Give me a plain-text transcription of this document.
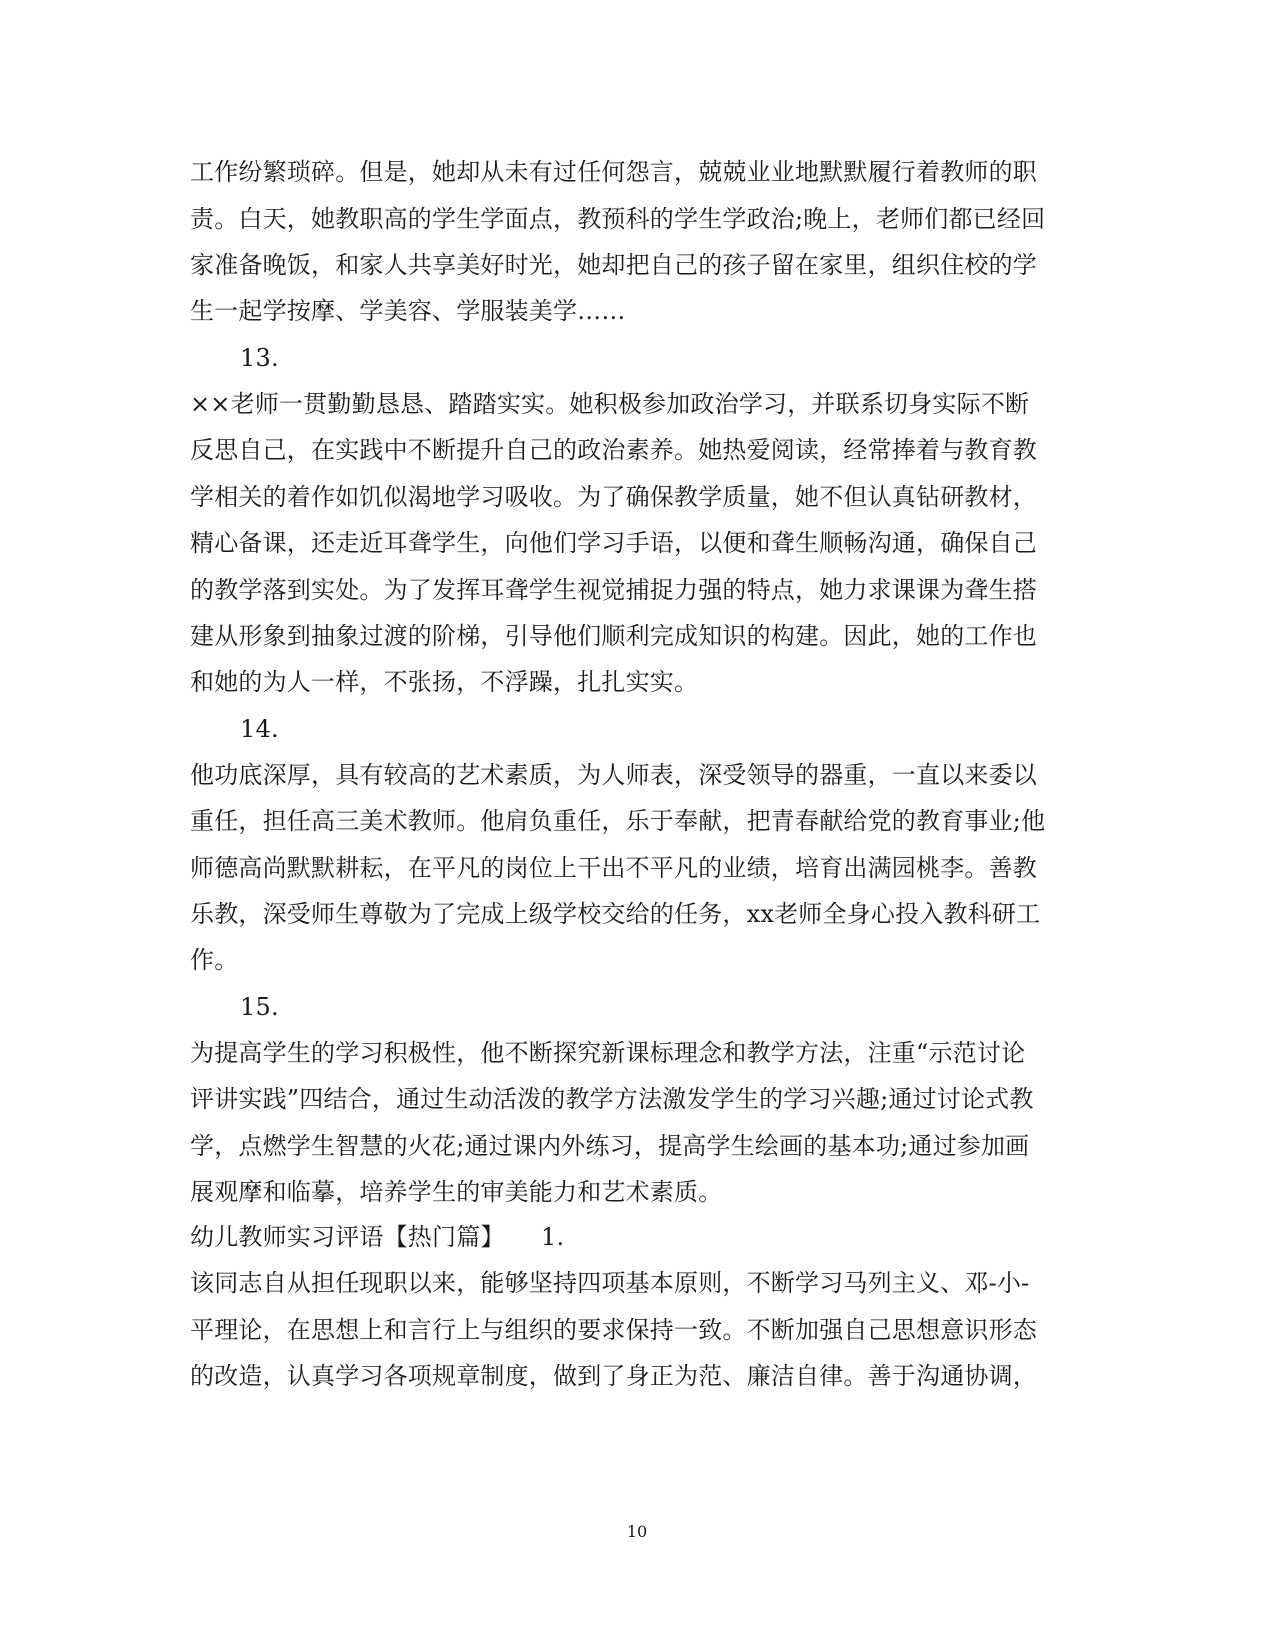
工作纷繁琐碎。但是，她却从未有过任何怨言，兢兢业业地默默履行着教师的职
责。白天，她教职高的学生学面点，教预科的学生学政治;晚上，老师们都已经回
家准备晚饭，和家人共享美好时光，她却把自己的孩子留在家里，组织住校的学
生一起学按摩、学美容、学服装美学……
13.
××老师一贯勤勤恳恳、踏踏实实。她积极参加政治学习，并联系切身实际不断
反思自己，在实践中不断提升自己的政治素养。她热爱阅读，经常捧着与教育教
学相关的着作如饥似渴地学习吸收。为了确保教学质量，她不但认真钻研教材，
精心备课，还走近耳聋学生，向他们学习手语，以便和聋生顺畅沟通，确保自己
的教学落到实处。为了发挥耳聋学生视觉捕捉力强的特点，她力求课课为聋生搭
建从形象到抽象过渡的阶梯，引导他们顺利完成知识的构建。因此，她的工作也
和她的为人一样，不张扬，不浮躁，扎扎实实。
14.
他功底深厚，具有较高的艺术素质，为人师表，深受领导的器重，一直以来委以
重任，担任高三美术教师。他肩负重任，乐于奉献，把青春献给党的教育事业;他
师德高尚默默耕耘，在平凡的岗位上干出不平凡的业绩，培育出满园桃李。善教
乐教，深受师生尊敬为了完成上级学校交给的任务，xx老师全身心投入教科研工
作。
15.
为提高学生的学习积极性，他不断探究新课标理念和教学方法，注重“示范讨论
评讲实践”四结合，通过生动活泼的教学方法激发学生的学习兴趣;通过讨论式教
学，点燃学生智慧的火花;通过课内外练习，提高学生绘画的基本功;通过参加画
展观摩和临摹，培养学生的审美能力和艺术素质。
幼儿教师实习评语【热门篇】　　1.
该同志自从担任现职以来，能够坚持四项基本原则，不断学习马列主义、邓-小-
平理论，在思想上和言行上与组织的要求保持一致。不断加强自己思想意识形态
的改造，认真学习各项规章制度，做到了身正为范、廉洁自律。善于沟通协调，
10
